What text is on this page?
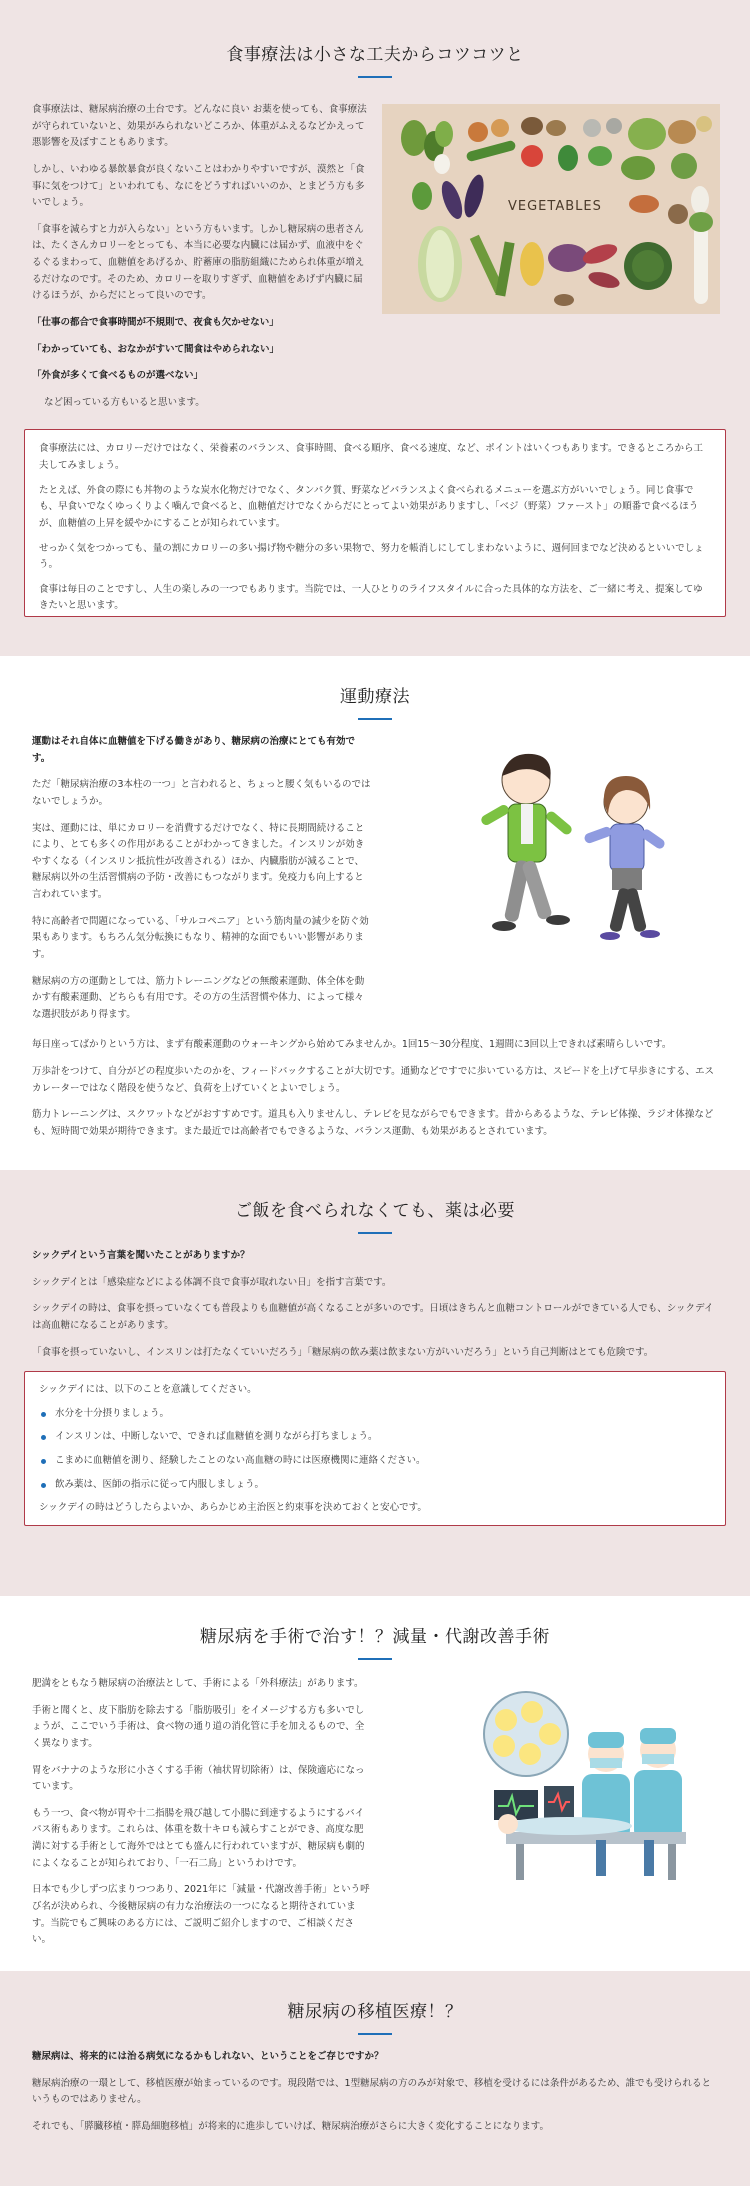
食事療法は小さな工夫からコツコツと

食事療法は、糖尿病治療の土台です。どんなに良い お薬を使っても、食事療法が守られていないと、効果がみられないどころか、体重がふえるなどかえって悪影響を及ぼすこともあります。

しかし、いわゆる暴飲暴食が良くないことはわかりやすいですが、漠然と「食事に気をつけて」といわれても、なにをどうすればいいのか、とまどう方も多いでしょう。

「食事を減らすと力が入らない」という方もいます。しかし糖尿病の患者さんは、たくさんカロリーをとっても、本当に必要な内臓には届かず、血液中をぐるぐるまわって、血糖値をあげるか、貯蓄庫の脂肪組織にためられ体重が増えるだけなのです。そのため、カロリーを取りすぎず、血糖値をあげず内臓に届けるほうが、からだにとって良いのです。

「仕事の都合で食事時間が不規則で、夜食も欠かせない」

「わかっていても、おなかがすいて間食はやめられない」

「外食が多くて食べるものが選べない」

など困っている方もいると思います。

VEGETABLES

食事療法には、カロリーだけではなく、栄養素のバランス、食事時間、食べる順序、食べる速度、など、ポイントはいくつもあります。できるところから工夫してみましょう。

たとえば、外食の際にも丼物のような炭水化物だけでなく、タンパク質、野菜などバランスよく食べられるメニューを選ぶ方がいいでしょう。同じ食事でも、早食いでなくゆっくりよく噛んで食べると、血糖値だけでなくからだにとってよい効果がありますし、「ベジ（野菜）ファースト」の順番で食べるほうが、血糖値の上昇を緩やかにすることが知られています。

せっかく気をつかっても、量の割にカロリーの多い揚げ物や糖分の多い果物で、努力を帳消しにしてしまわないように、週何回までなど決めるといいでしょう。

食事は毎日のことですし、人生の楽しみの一つでもあります。当院では、一人ひとりのライフスタイルに合った具体的な方法を、ご一緒に考え、提案してゆきたいと思います。

運動療法

運動はそれ自体に血糖値を下げる働きがあり、糖尿病の治療にとても有効です。

ただ「糖尿病治療の3本柱の一つ」と言われると、ちょっと腰く気もいるのではないでしょうか。

実は、運動には、単にカロリーを消費するだけでなく、特に長期間続けることにより、とても多くの作用があることがわかってきました。インスリンが効きやすくなる（インスリン抵抗性が改善される）ほか、内臓脂肪が減ることで、糖尿病以外の生活習慣病の予防・改善にもつながります。免疫力も向上すると言われています。

特に高齢者で問題になっている、「サルコペニア」という筋肉量の減少を防ぐ効果もあります。もちろん気分転換にもなり、精神的な面でもいい影響があります。

糖尿病の方の運動としては、筋力トレーニングなどの無酸素運動、体全体を動かす有酸素運動、どちらも有用です。その方の生活習慣や体力、によって様々な選択肢があり得ます。

毎日座ってばかりという方は、まず有酸素運動のウォーキングから始めてみませんか。1回15〜30分程度、1週間に3回以上できれば素晴らしいです。

万歩計をつけて、自分がどの程度歩いたのかを、フィードバックすることが大切です。通勤などですでに歩いている方は、スピードを上げて早歩きにする、エスカレーターではなく階段を使うなど、負荷を上げていくとよいでしょう。

筋力トレーニングは、スクワットなどがおすすめです。道具も入りませんし、テレビを見ながらでもできます。昔からあるような、テレビ体操、ラジオ体操なども、短時間で効果が期待できます。また最近では高齢者でもできるような、バランス運動、も効果があるとされています。

ご飯を食べられなくても、薬は必要

シックデイという言葉を聞いたことがありますか？

シックデイとは「感染症などによる体調不良で食事が取れない日」を指す言葉です。

シックデイの時は、食事を摂っていなくても普段よりも血糖値が高くなることが多いのです。日頃はきちんと血糖コントロールができている人でも、シックデイは高血糖になることがあります。

「食事を摂っていないし、インスリンは打たなくていいだろう」「糖尿病の飲み薬は飲まない方がいいだろう」という自己判断はとても危険です。

シックデイには、以下のことを意識してください。

水分を十分摂りましょう。
インスリンは、中断しないで、できれば血糖値を測りながら打ちましょう。
こまめに血糖値を測り、経験したことのない高血糖の時には医療機関に連絡ください。
飲み薬は、医師の指示に従って内服しましょう。

シックデイの時はどうしたらよいか、あらかじめ主治医と約束事を決めておくと安心です。

糖尿病を手術で治す！？減量・代謝改善手術

肥満をともなう糖尿病の治療法として、手術による「外科療法」があります。

手術と聞くと、皮下脂肪を除去する「脂肪吸引」をイメージする方も多いでしょうが、ここでいう手術は、食べ物の通り道の消化管に手を加えるもので、全く異なります。

胃をバナナのような形に小さくする手術（袖状胃切除術）は、保険適応になっています。

もう一つ、食べ物が胃や十二指腸を飛び越して小腸に到達するようにするバイパス術もあります。これらは、体重を数十キロも減らすことができ、高度な肥満に対する手術として海外ではとても盛んに行われていますが、糖尿病も劇的によくなることが知られており、「一石二鳥」というわけです。

日本でも少しずつ広まりつつあり、2021年に「減量・代謝改善手術」という呼び名が決められ、今後糖尿病の有力な治療法の一つになると期待されています。当院でもご興味のある方には、ご説明ご紹介しますので、ご相談ください。

糖尿病の移植医療！？

糖尿病は、将来的には治る病気になるかもしれない、ということをご存じですか？

糖尿病治療の一環として、移植医療が始まっているのです。現段階では、1型糖尿病の方のみが対象で、移植を受けるには条件があるため、誰でも受けられるというものではありません。

それでも、「膵臓移植・膵島細胞移植」が将来的に進歩していけば、糖尿病治療がさらに大きく変化することになります。
